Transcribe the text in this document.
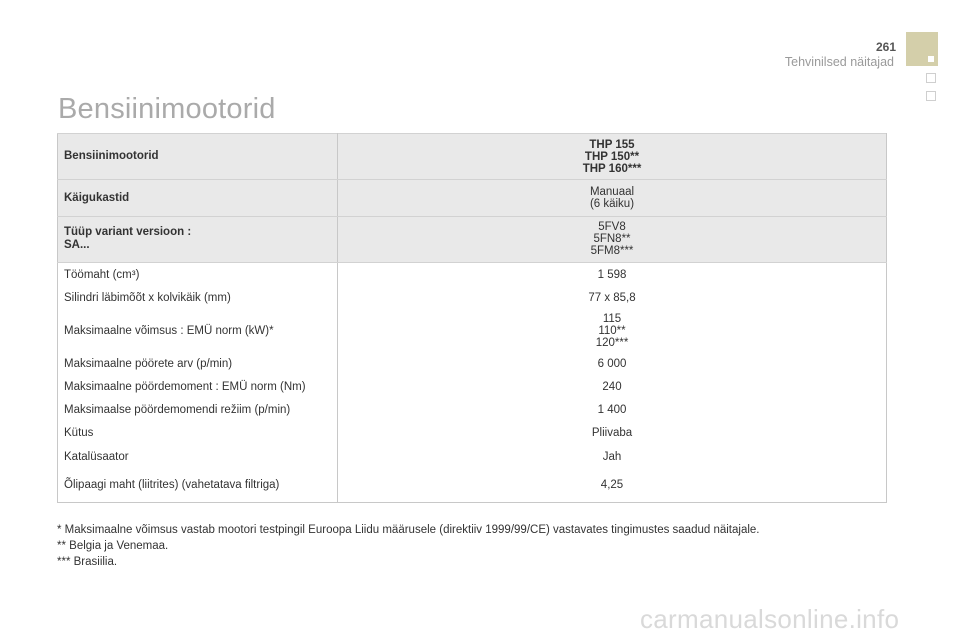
261
Tehvinilsed näitajad
Bensiinimootorid
Bensiinimootorid	THP 155
THP 150**
THP 160***

Käigukastid	Manuaal
(6 käiku)

Tüüp variant versioon :
SA...	5FV8
5FN8**
5FM8***

Töömaht (cm³)	1 598

Silindri läbimõõt x kolvikäik (mm)	77 x 85,8

Maksimaalne võimsus : EMÜ norm (kW)*	115
110**
120***

Maksimaalne pöörete arv (p/min)	6 000

Maksimaalne pöördemoment : EMÜ norm (Nm)	240

Maksimaalse pöördemomendi režiim (p/min)	1 400

Kütus	Pliivaba

Katalüsaator	Jah

Õlipaagi maht (liitrites) (vahetatava filtriga)	4,25
* Maksimaalne võimsus vastab mootori testpingil Euroopa Liidu määrusele (direktiiv 1999/99/CE) vastavates tingimustes saadud näitajale.
** Belgia ja Venemaa.
*** Brasiilia.
carmanualsonline.info
